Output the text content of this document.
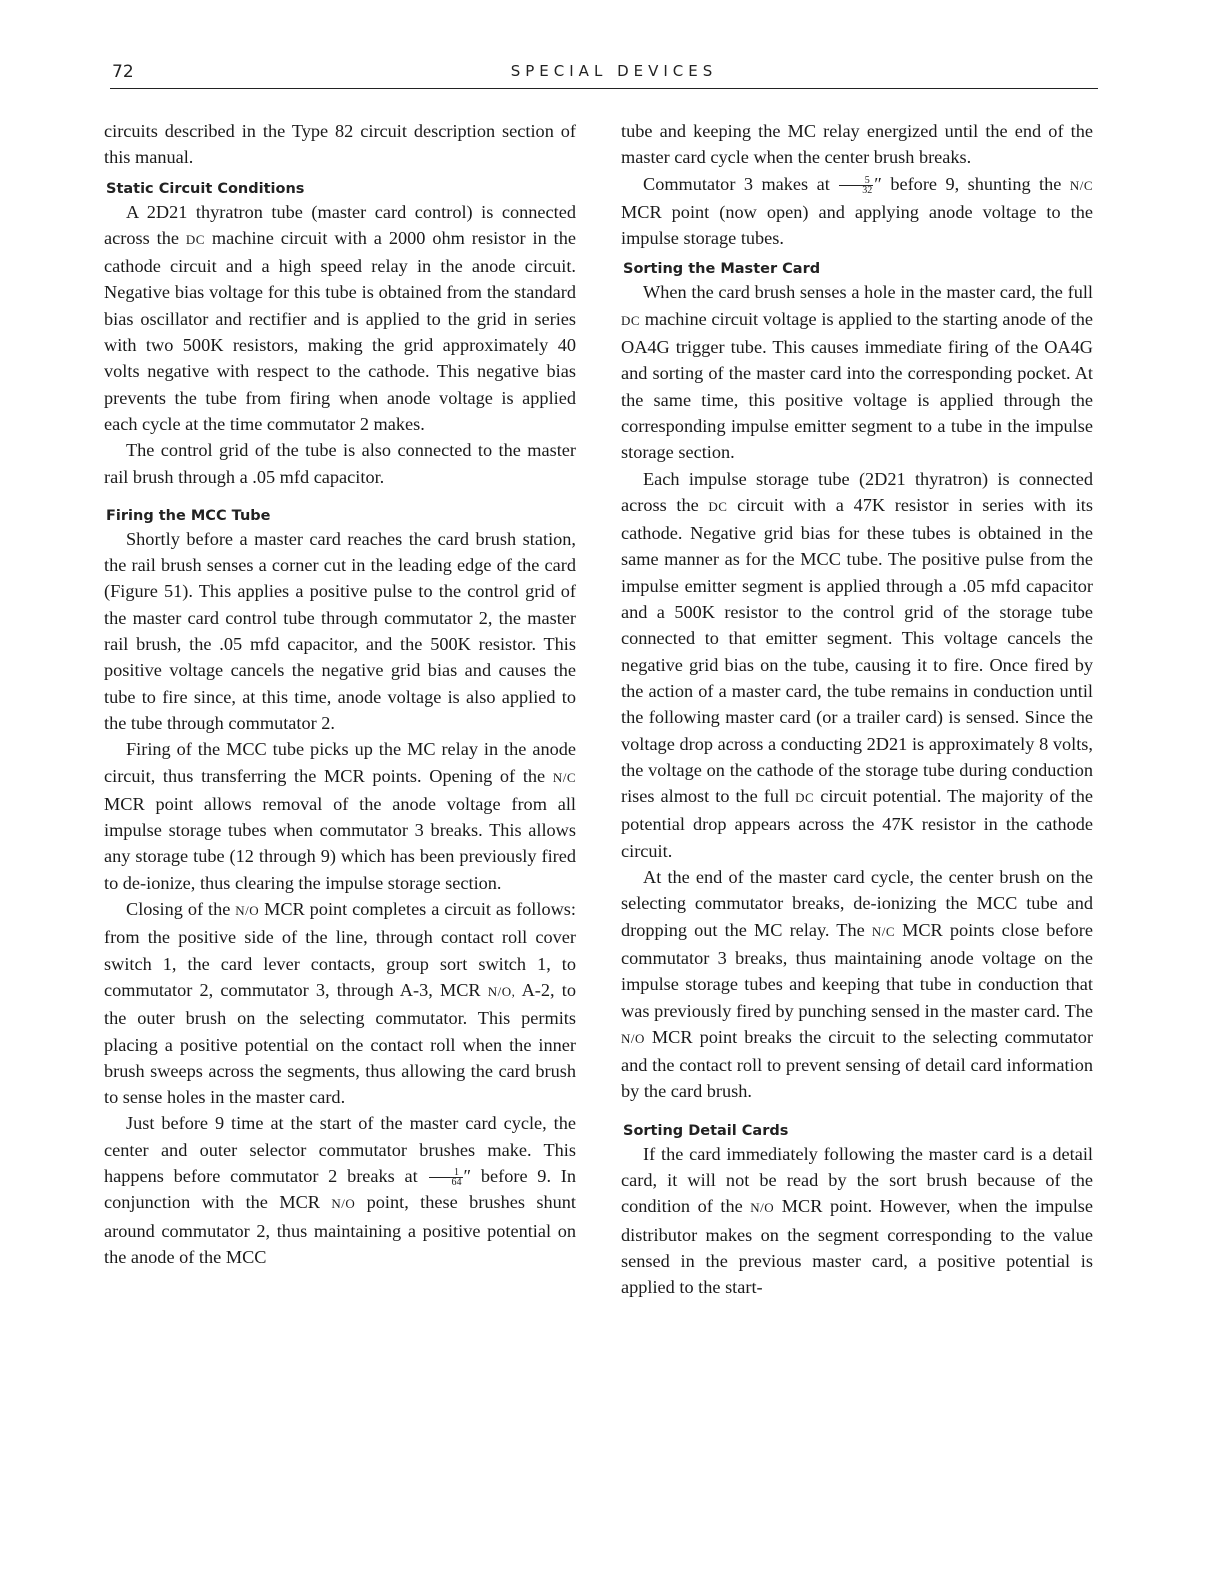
72	SPECIAL DEVICES

circuits described in the Type 82 circuit description section of this manual.

Static Circuit Conditions

A 2D21 thyratron tube (master card control) is connected across the DC machine circuit with a 2000 ohm resistor in the cathode circuit and a high speed relay in the anode circuit. Negative bias voltage for this tube is obtained from the standard bias oscillator and rectifier and is applied to the grid in series with two 500K resistors, making the grid approximately 40 volts negative with respect to the cathode. This negative bias prevents the tube from firing when anode voltage is applied each cycle at the time commutator 2 makes.

The control grid of the tube is also connected to the master rail brush through a .05 mfd capacitor.

Firing the MCC Tube

Shortly before a master card reaches the card brush station, the rail brush senses a corner cut in the leading edge of the card (Figure 51). This applies a positive pulse to the control grid of the master card control tube through commutator 2, the master rail brush, the .05 mfd capacitor, and the 500K resistor. This positive voltage cancels the negative grid bias and causes the tube to fire since, at this time, anode voltage is also applied to the tube through commutator 2.

Firing of the MCC tube picks up the MC relay in the anode circuit, thus transferring the MCR points. Opening of the N/C MCR point allows removal of the anode voltage from all impulse storage tubes when commutator 3 breaks. This allows any storage tube (12 through 9) which has been previously fired to de-ionize, thus clearing the impulse storage section.

Closing of the N/O MCR point completes a circuit as follows: from the positive side of the line, through contact roll cover switch 1, the card lever contacts, group sort switch 1, to commutator 2, commutator 3, through A-3, MCR N/O, A-2, to the outer brush on the selecting commutator. This permits placing a positive potential on the contact roll when the inner brush sweeps across the segments, thus allowing the card brush to sense holes in the master card.

Just before 9 time at the start of the master card cycle, the center and outer selector commutator brushes make. This happens before commutator 2 breaks at $\frac{1}{64}$ ″ before 9. In conjunction with the MCR N/O point, these brushes shunt around commutator 2, thus maintaining a positive potential on the anode of the MCC

tube and keeping the MC relay energized until the end of the master card cycle when the center brush breaks.

Commutator 3 makes at $\frac{5}{32}$ ″ before 9, shunting the N/C MCR point (now open) and applying anode voltage to the impulse storage tubes.

Sorting the Master Card

When the card brush senses a hole in the master card, the full DC machine circuit voltage is applied to the starting anode of the OA4G trigger tube. This causes immediate firing of the OA4G and sorting of the master card into the corresponding pocket. At the same time, this positive voltage is applied through the corresponding impulse emitter segment to a tube in the impulse storage section.

Each impulse storage tube (2D21 thyratron) is connected across the DC circuit with a 47K resistor in series with its cathode. Negative grid bias for these tubes is obtained in the same manner as for the MCC tube. The positive pulse from the impulse emitter segment is applied through a .05 mfd capacitor and a 500K resistor to the control grid of the storage tube connected to that emitter segment. This voltage cancels the negative grid bias on the tube, causing it to fire. Once fired by the action of a master card, the tube remains in conduction until the following master card (or a trailer card) is sensed. Since the voltage drop across a conducting 2D21 is approximately 8 volts, the voltage on the cathode of the storage tube during conduction rises almost to the full DC circuit potential. The majority of the potential drop appears across the 47K resistor in the cathode circuit.

At the end of the master card cycle, the center brush on the selecting commutator breaks, de-ionizing the MCC tube and dropping out the MC relay. The N/C MCR points close before commutator 3 breaks, thus maintaining anode voltage on the impulse storage tubes and keeping that tube in conduction that was previously fired by punching sensed in the master card. The N/O MCR point breaks the circuit to the selecting commutator and the contact roll to prevent sensing of detail card information by the card brush.

Sorting Detail Cards

If the card immediately following the master card is a detail card, it will not be read by the sort brush because of the condition of the N/O MCR point. However, when the impulse distributor makes on the segment corresponding to the value sensed in the previous master card, a positive potential is applied to the start-
